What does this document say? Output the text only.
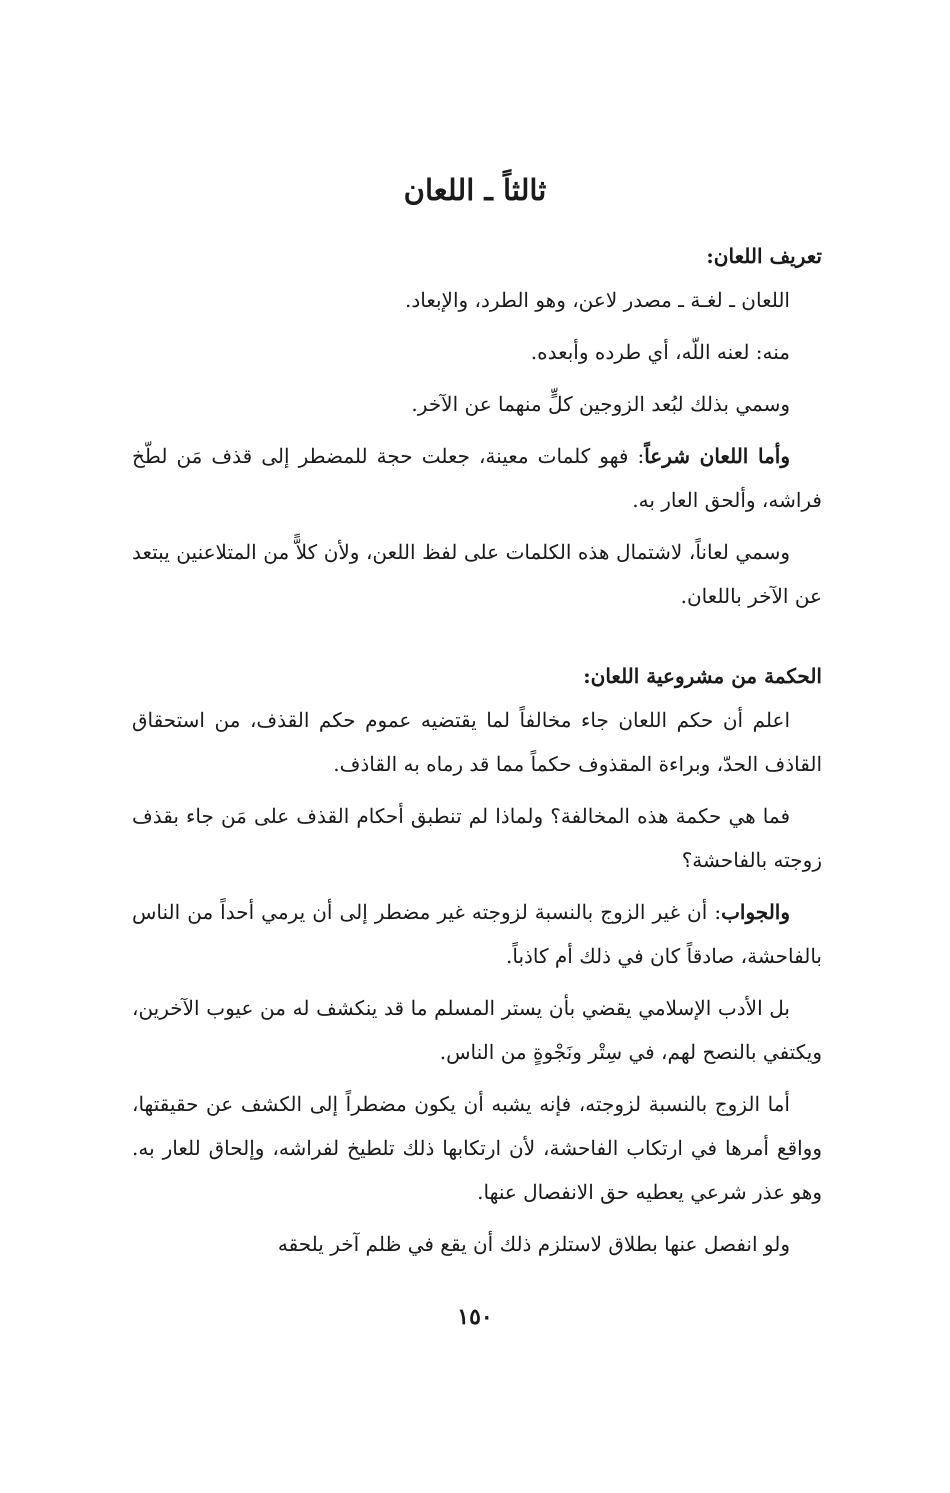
ثالثاً ـ اللعان
تعريف اللعان:

اللعان ـ لغـة ـ مصدر لاعن، وهو الطرد، والإبعاد.

منه: لعنه اللّه، أي طرده وأبعده.

وسمي بذلك لبُعد الزوجين كلٍّ منهما عن الآخر.

وأما اللعان شرعاً: فهو كلمات معينة، جعلت حجة للمضطر إلى قذف مَن لطّخ فراشه، وألحق العار به.

وسمي لعاناً، لاشتمال هذه الكلمات على لفظ اللعن، ولأن كلاًّ من المتلاعنين يبتعد عن الآخر باللعان.

الحكمة من مشروعية اللعان:

اعلم أن حكم اللعان جاء مخالفاً لما يقتضيه عموم حكم القذف، من استحقاق القاذف الحدّ، وبراءة المقذوف حكماً مما قد رماه به القاذف.

فما هي حكمة هذه المخالفة؟ ولماذا لم تنطبق أحكام القذف على مَن جاء بقذف زوجته بالفاحشة؟

والجواب: أن غير الزوج بالنسبة لزوجته غير مضطر إلى أن يرمي أحداً من الناس بالفاحشة، صادقاً كان في ذلك أم كاذباً.

بل الأدب الإسلامي يقضي بأن يستر المسلم ما قد ينكشف له من عيوب الآخرين، ويكتفي بالنصح لهم، في سِتْر ونَجْوةٍ من الناس.

أما الزوج بالنسبة لزوجته، فإنه يشبه أن يكون مضطراً إلى الكشف عن حقيقتها، وواقع أمرها في ارتكاب الفاحشة، لأن ارتكابها ذلك تلطيخ لفراشه، وإلحاق للعار به. وهو عذر شرعي يعطيه حق الانفصال عنها.

ولو انفصل عنها بطلاق لاستلزم ذلك أن يقع في ظلم آخر يلحقه

١٥٠
